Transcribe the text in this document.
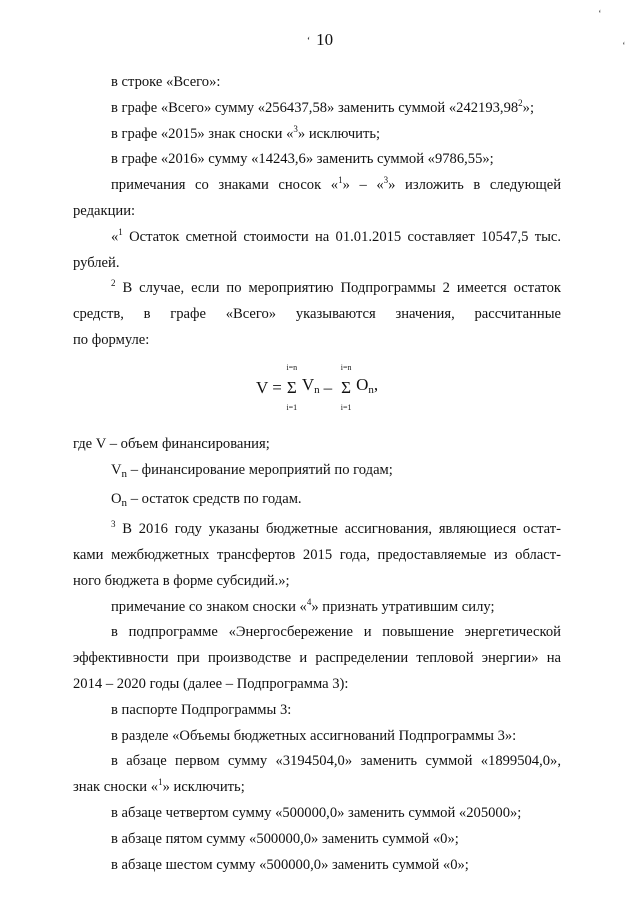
‘
‘
‘ 10

в строке «Всего»:

в графе «Всего» сумму «256437,58» заменить суммой «242193,98$^2$»;

в графе «2015» знак сноски «$^3$» исключить;

в графе «2016» сумму «14243,6» заменить суммой «9786,55»;

примечания со знаками сносок «$^1$» – «$^3$» изложить в следующей

редакции:

«$^1$ Остаток сметной стоимости на 01.01.2015 составляет 10547,5 тыс.

рублей.

$^2$ В случае, если по мероприятию Подпрограммы 2 имеется остаток

средств, в графе «Всего» указываются значения, рассчитанные

по формуле:

V =
i=n
Σ
i=1
$V_n$ –
i=n
Σ
i=1
$O_n$,

где V – объем финансирования;

$V_n$ – финансирование мероприятий по годам;

$O_n$ – остаток средств по годам.

$^3$ В 2016 году указаны бюджетные ассигнования, являющиеся остат-

ками межбюджетных трансфертов 2015 года, предоставляемые из област-

ного бюджета в форме субсидий.»;

примечание со знаком сноски «$^4$» признать утратившим силу;

в подпрограмме «Энергосбережение и повышение энергетической

эффективности при производстве и распределении тепловой энергии» на

2014 – 2020 годы (далее – Подпрограмма 3):

в паспорте Подпрограммы 3:

в разделе «Объемы бюджетных ассигнований Подпрограммы 3»:

в абзаце первом сумму «3194504,0» заменить суммой «1899504,0»,

знак сноски «$^1$» исключить;

в абзаце четвертом сумму «500000,0» заменить суммой «205000»;

в абзаце пятом сумму «500000,0» заменить суммой «0»;

в абзаце шестом сумму «500000,0» заменить суммой «0»;
